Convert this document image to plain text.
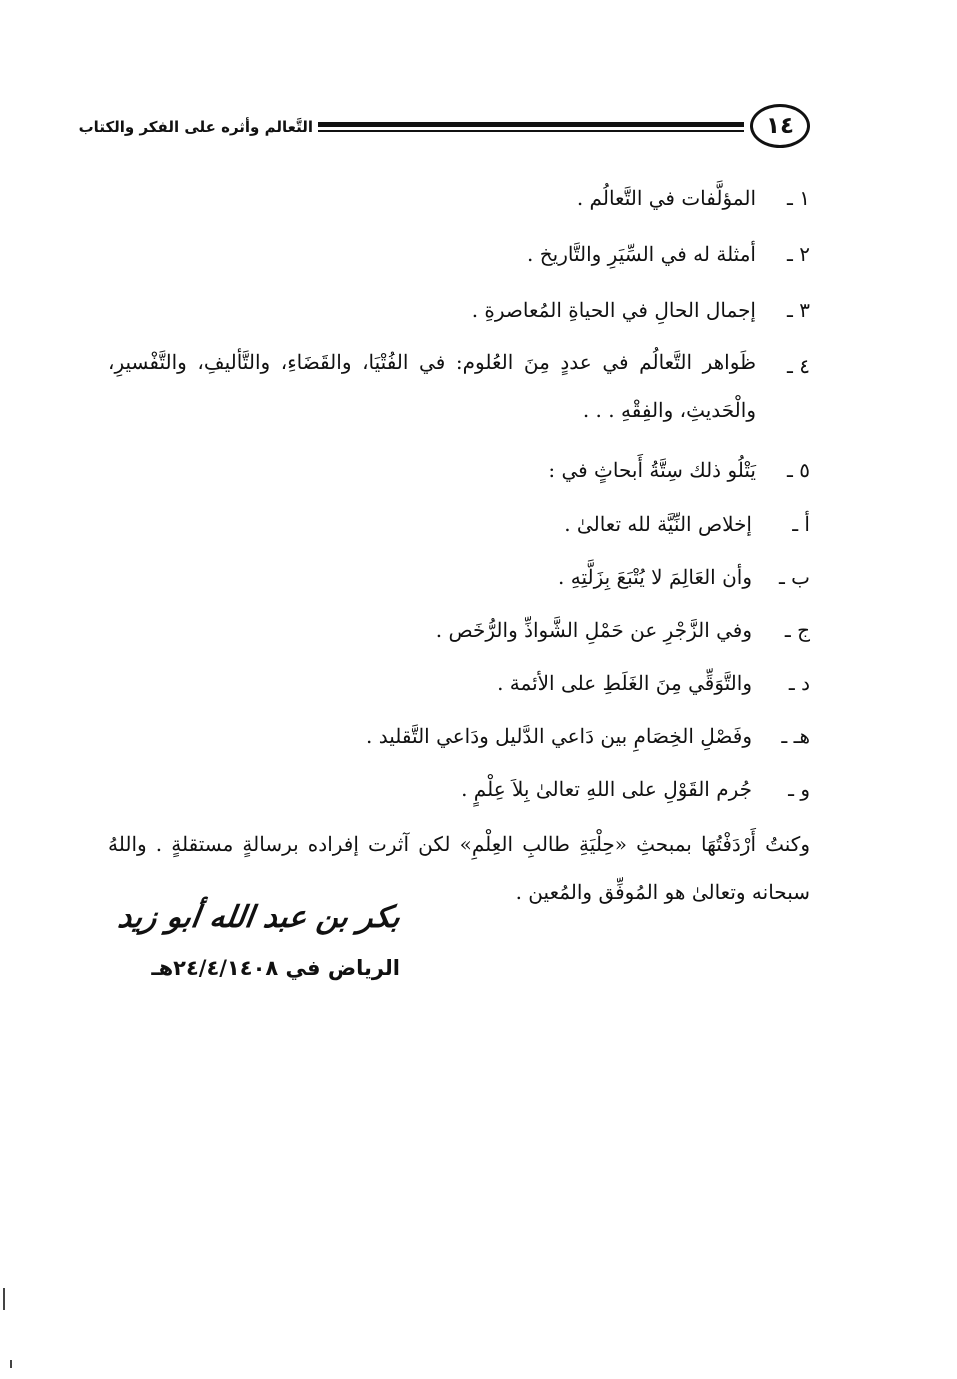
١٤
التَّعالم وأثره على الفكر والكتاب
١ ـ
المؤلَّفات في التَّعالُم .
٢ ـ
أمثلة له في السِّيَرِ والتَّاريخ .
٣ ـ
إجمال الحالِ في الحياةِ المُعاصرةِ .
٤ ـ
ظَواهر التَّعالُم في عددٍ مِنَ العُلوم: في الفُتْيَا، والقَضَاءِ، والتَّأليفِ، والتَّفْسيرِ، والْحَديثِ، والفِقْهِ . . .
٥ ـ
يَتْلُو ذلك سِتَّةُ أَبحاثٍ في :
أ ـ
إخلاص النِّيَّة لله تعالىٰ .
ب ـ
وأن العَالِمَ لا يُتْبَعَ بِزَلَّتِهِ .
ج ـ
وفي الزَّجْرِ عن حَمْلِ الشَّواذِّ والرُّخَص .
د ـ
والتَّوَقِّي مِنَ الغَلَطِ على الأئمة .
هـ ـ
وفَصْلِ الخِصَامِ بين دَاعي الدَّليل ودَاعي التَّقليد .
و ـ
جُرم القَوْلِ على اللهِ تعالىٰ بِلاَ عِلْمٍ .

وكنتُ أَرْدَفْتُهَا بمبحثِ «حِلْيَةِ طالبِ العِلْمِ» لكن آثرت إفراده برسالةٍ مستقلةٍ . واللهُ سبحانه وتعالىٰ هو المُوفِّق والمُعين .

بكر بن عبد الله أبو زيد
الرياض في ٢٤/٤/١٤٠٨هـ
